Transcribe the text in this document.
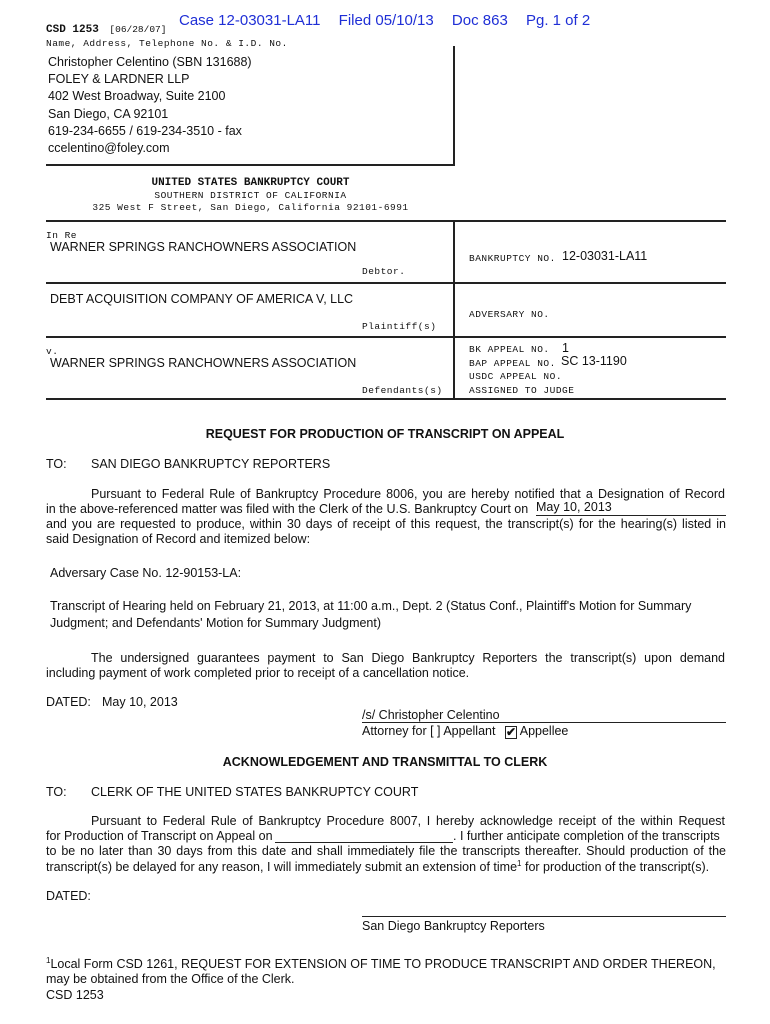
Case 12-03031-LA11 Filed 05/10/13 Doc 863 Pg. 1 of 2
CSD 1253 [06/28/07]
Name, Address, Telephone No. & I.D. No.
Christopher Celentino (SBN 131688)
FOLEY & LARDNER LLP
402 West Broadway, Suite 2100
San Diego, CA 92101
619-234-6655 / 619-234-3510 - fax
ccelentino@foley.com
UNITED STATES BANKRUPTCY COURT
SOUTHERN DISTRICT OF CALIFORNIA
325 West F Street, San Diego, California 92101-6991
In Re
WARNER SPRINGS RANCHOWNERS ASSOCIATION
Debtor.
BANKRUPTCY NO. 12-03031-LA11
DEBT ACQUISITION COMPANY OF AMERICA V, LLC
Plaintiff(s)
ADVERSARY NO.
v.
WARNER SPRINGS RANCHOWNERS ASSOCIATION
Defendants(s)
BK APPEAL NO. 1
BAP APPEAL NO. SC 13-1190
USDC APPEAL NO.
ASSIGNED TO JUDGE
REQUEST FOR PRODUCTION OF TRANSCRIPT ON APPEAL
TO: SAN DIEGO BANKRUPTCY REPORTERS
Pursuant to Federal Rule of Bankruptcy Procedure 8006, you are hereby notified that a Designation of Record
in the above-referenced matter was filed with the Clerk of the U.S. Bankruptcy Court on May 10, 2013
and you are requested to produce, within 30 days of receipt of this request, the transcript(s) for the hearing(s) listed in
said Designation of Record and itemized below:
Adversary Case No. 12-90153-LA:
Transcript of Hearing held on February 21, 2013, at 11:00 a.m., Dept. 2 (Status Conf., Plaintiff's Motion for Summary
Judgment; and Defendants' Motion for Summary Judgment)
The undersigned guarantees payment to San Diego Bankruptcy Reporters the transcript(s) upon demand
including payment of work completed prior to receipt of a cancellation notice.
DATED: May 10, 2013
/s/ Christopher Celentino
Attorney for [ ] Appellant ✔ Appellee
ACKNOWLEDGEMENT AND TRANSMITTAL TO CLERK
TO: CLERK OF THE UNITED STATES BANKRUPTCY COURT
Pursuant to Federal Rule of Bankruptcy Procedure 8007, I hereby acknowledge receipt of the within Request
for Production of Transcript on Appeal on	. I further anticipate completion of the transcripts
to be no later than 30 days from this date and shall immediately file the transcripts thereafter. Should production of the
transcript(s) be delayed for any reason, I will immediately submit an extension of time$^1$ for production of the transcript(s).
DATED:
San Diego Bankruptcy Reporters
$^1$Local Form CSD 1261, REQUEST FOR EXTENSION OF TIME TO PRODUCE TRANSCRIPT AND ORDER THEREON,
may be obtained from the Office of the Clerk.
CSD 1253
